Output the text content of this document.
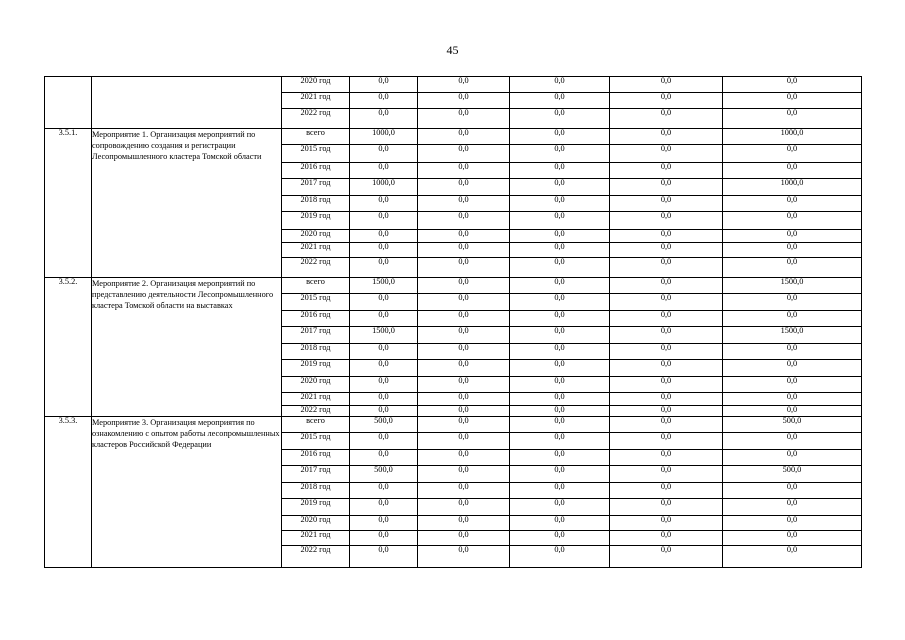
45
		2020 год	0,0	0,0	0,0	0,0	0,0
		2021 год	0,0	0,0	0,0	0,0	0,0
		2022 год	0,0	0,0	0,0	0,0	0,0
3.5.1.	Мероприятие 1. Организация мероприятий по сопровождению создания и регистрации Лесопромышленного кластера Томской области	всего	1000,0	0,0	0,0	0,0	1000,0
		2015 год	0,0	0,0	0,0	0,0	0,0
		2016 год	0,0	0,0	0,0	0,0	0,0
		2017 год	1000,0	0,0	0,0	0,0	1000,0
		2018 год	0,0	0,0	0,0	0,0	0,0
		2019 год	0,0	0,0	0,0	0,0	0,0
		2020 год	0,0	0,0	0,0	0,0	0,0
		2021 год	0,0	0,0	0,0	0,0	0,0
		2022 год	0,0	0,0	0,0	0,0	0,0
3.5.2.	Мероприятие 2. Организация мероприятий по представлению деятельности Лесопромышленного кластера Томской области на выставках	всего	1500,0	0,0	0,0	0,0	1500,0
		2015 год	0,0	0,0	0,0	0,0	0,0
		2016 год	0,0	0,0	0,0	0,0	0,0
		2017 год	1500,0	0,0	0,0	0,0	1500,0
		2018 год	0,0	0,0	0,0	0,0	0,0
		2019 год	0,0	0,0	0,0	0,0	0,0
		2020 год	0,0	0,0	0,0	0,0	0,0
		2021 год	0,0	0,0	0,0	0,0	0,0
		2022 год	0,0	0,0	0,0	0,0	0,0
3.5.3.	Мероприятие 3. Организация мероприятия по ознакомлению с опытом работы лесопромышленных кластеров Российской Федерации	всего	500,0	0,0	0,0	0,0	500,0
		2015 год	0,0	0,0	0,0	0,0	0,0
		2016 год	0,0	0,0	0,0	0,0	0,0
		2017 год	500,0	0,0	0,0	0,0	500,0
		2018 год	0,0	0,0	0,0	0,0	0,0
		2019 год	0,0	0,0	0,0	0,0	0,0
		2020 год	0,0	0,0	0,0	0,0	0,0
		2021 год	0,0	0,0	0,0	0,0	0,0
		2022 год	0,0	0,0	0,0	0,0	0,0
